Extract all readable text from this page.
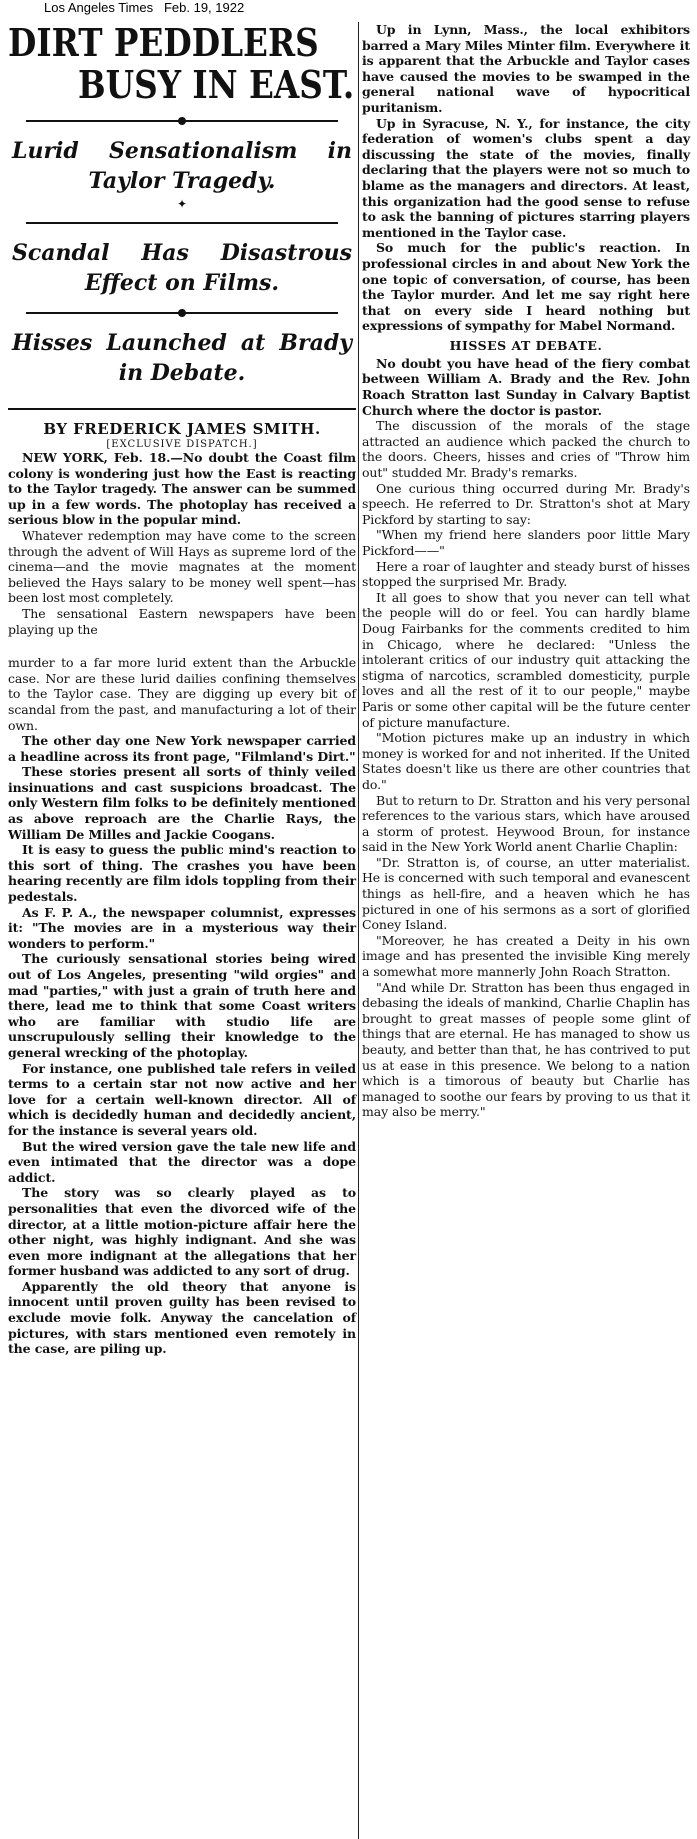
Los Angeles Times Feb. 19, 1922
DIRT PEDDLERS
BUSY IN EAST.
Lurid Sensationalism in
Taylor Tragedy.
✦
Scandal Has Disastrous
Effect on Films.
Hisses Launched at Brady
in Debate.
BY FREDERICK JAMES SMITH.
[EXCLUSIVE DISPATCH.]

NEW YORK, Feb. 18.—No doubt the Coast film colony is wondering just how the East is reacting to the Taylor tragedy. The answer can be summed up in a few words. The photoplay has received a serious blow in the popular mind.

Whatever redemption may have come to the screen through the advent of Will Hays as supreme lord of the cinema—and the movie magnates at the moment believed the Hays salary to be money well spent—has been lost most completely.

The sensational Eastern newspapers have been playing up the

murder to a far more lurid extent than the Arbuckle case. Nor are these lurid dailies confining themselves to the Taylor case. They are digging up every bit of scandal from the past, and manufacturing a lot of their own.

The other day one New York newspaper carried a headline across its front page, "Filmland's Dirt."

These stories present all sorts of thinly veiled insinuations and cast suspicions broadcast. The only Western film folks to be definitely mentioned as above reproach are the Charlie Rays, the William De Milles and Jackie Coogans.

It is easy to guess the public mind's reaction to this sort of thing. The crashes you have been hearing recently are film idols toppling from their pedestals.

As F. P. A., the newspaper columnist, expresses it: "The movies are in a mysterious way their wonders to perform."

The curiously sensational stories being wired out of Los Angeles, presenting "wild orgies" and mad "parties," with just a grain of truth here and there, lead me to think that some Coast writers who are familiar with studio life are unscrupulously selling their knowledge to the general wrecking of the photoplay.

For instance, one published tale refers in veiled terms to a certain star not now active and her love for a certain well-known director. All of which is decidedly human and decidedly ancient, for the instance is several years old.

But the wired version gave the tale new life and even intimated that the director was a dope addict.

The story was so clearly played as to personalities that even the divorced wife of the director, at a little motion-picture affair here the other night, was highly indignant. And she was even more indignant at the allegations that her former husband was addicted to any sort of drug.

Apparently the old theory that anyone is innocent until proven guilty has been revised to exclude movie folk. Anyway the cancelation of pictures, with stars mentioned even remotely in the case, are piling up.

Up in Lynn, Mass., the local exhibitors barred a Mary Miles Minter film. Everywhere it is apparent that the Arbuckle and Taylor cases have caused the movies to be swamped in the general national wave of hypocritical puritanism.

Up in Syracuse, N. Y., for instance, the city federation of women's clubs spent a day discussing the state of the movies, finally declaring that the players were not so much to blame as the managers and directors. At least, this organization had the good sense to refuse to ask the banning of pictures starring players mentioned in the Taylor case.

So much for the public's reaction. In professional circles in and about New York the one topic of conversation, of course, has been the Taylor murder. And let me say right here that on every side I heard nothing but expressions of sympathy for Mabel Normand.

HISSES AT DEBATE.

No doubt you have head of the fiery combat between William A. Brady and the Rev. John Roach Stratton last Sunday in Calvary Baptist Church where the doctor is pastor.

The discussion of the morals of the stage attracted an audience which packed the church to the doors. Cheers, hisses and cries of "Throw him out" studded Mr. Brady's remarks.

One curious thing occurred during Mr. Brady's speech. He referred to Dr. Stratton's shot at Mary Pickford by starting to say:

"When my friend here slanders poor little Mary Pickford——"

Here a roar of laughter and steady burst of hisses stopped the surprised Mr. Brady.

It all goes to show that you never can tell what the people will do or feel. You can hardly blame Doug Fairbanks for the comments credited to him in Chicago, where he declared: "Unless the intolerant critics of our industry quit attacking the stigma of narcotics, scrambled domesticity, purple loves and all the rest of it to our people," maybe Paris or some other capital will be the future center of picture manufacture.

"Motion pictures make up an industry in which money is worked for and not inherited. If the United States doesn't like us there are other countries that do."

But to return to Dr. Stratton and his very personal references to the various stars, which have aroused a storm of protest. Heywood Broun, for instance said in the New York World anent Charlie Chaplin:

"Dr. Stratton is, of course, an utter materialist. He is concerned with such temporal and evanescent things as hell-fire, and a heaven which he has pictured in one of his sermons as a sort of glorified Coney Island.

"Moreover, he has created a Deity in his own image and has presented the invisible King merely a somewhat more mannerly John Roach Stratton.

"And while Dr. Stratton has been thus engaged in debasing the ideals of mankind, Charlie Chaplin has brought to great masses of people some glint of things that are eternal. He has managed to show us beauty, and better than that, he has contrived to put us at ease in this presence. We belong to a nation which is a timorous of beauty but Charlie has managed to soothe our fears by proving to us that it may also be merry."
